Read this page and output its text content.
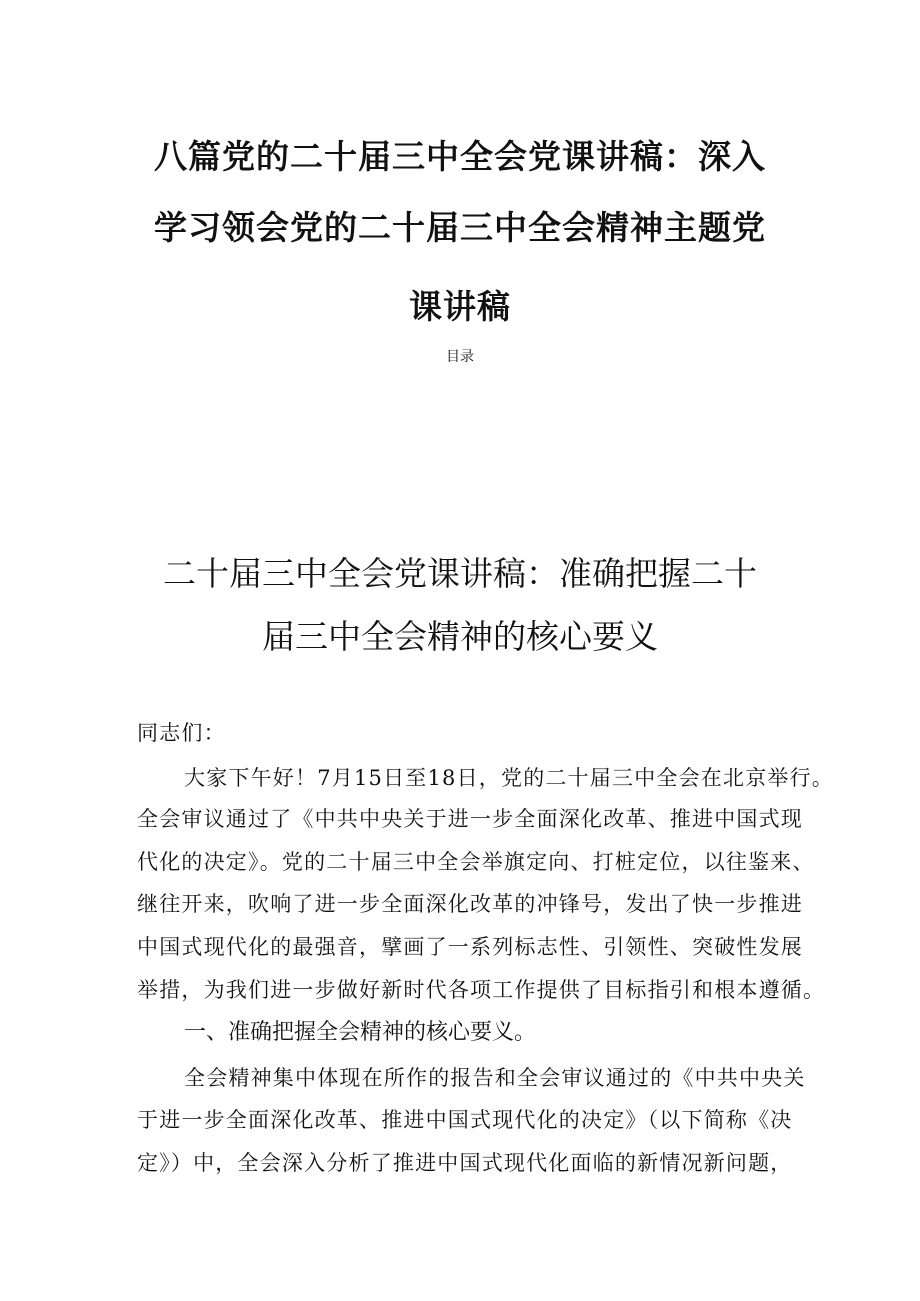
八篇党的二十届三中全会党课讲稿：深入
学习领会党的二十届三中全会精神主题党
课讲稿
目录
二十届三中全会党课讲稿：准确把握二十
届三中全会精神的核心要义
同志们：
大家下午好！7月15日至18日，党的二十届三中全会在北京举行。
全会审议通过了《中共中央关于进一步全面深化改革、推进中国式现
代化的决定》。党的二十届三中全会举旗定向、打桩定位，以往鉴来、
继往开来，吹响了进一步全面深化改革的冲锋号，发出了快一步推进
中国式现代化的最强音，擘画了一系列标志性、引领性、突破性发展
举措，为我们进一步做好新时代各项工作提供了目标指引和根本遵循。
一、准确把握全会精神的核心要义。
全会精神集中体现在所作的报告和全会审议通过的《中共中央关
于进一步全面深化改革、推进中国式现代化的决定》（以下简称《决
定》）中，全会深入分析了推进中国式现代化面临的新情况新问题，
